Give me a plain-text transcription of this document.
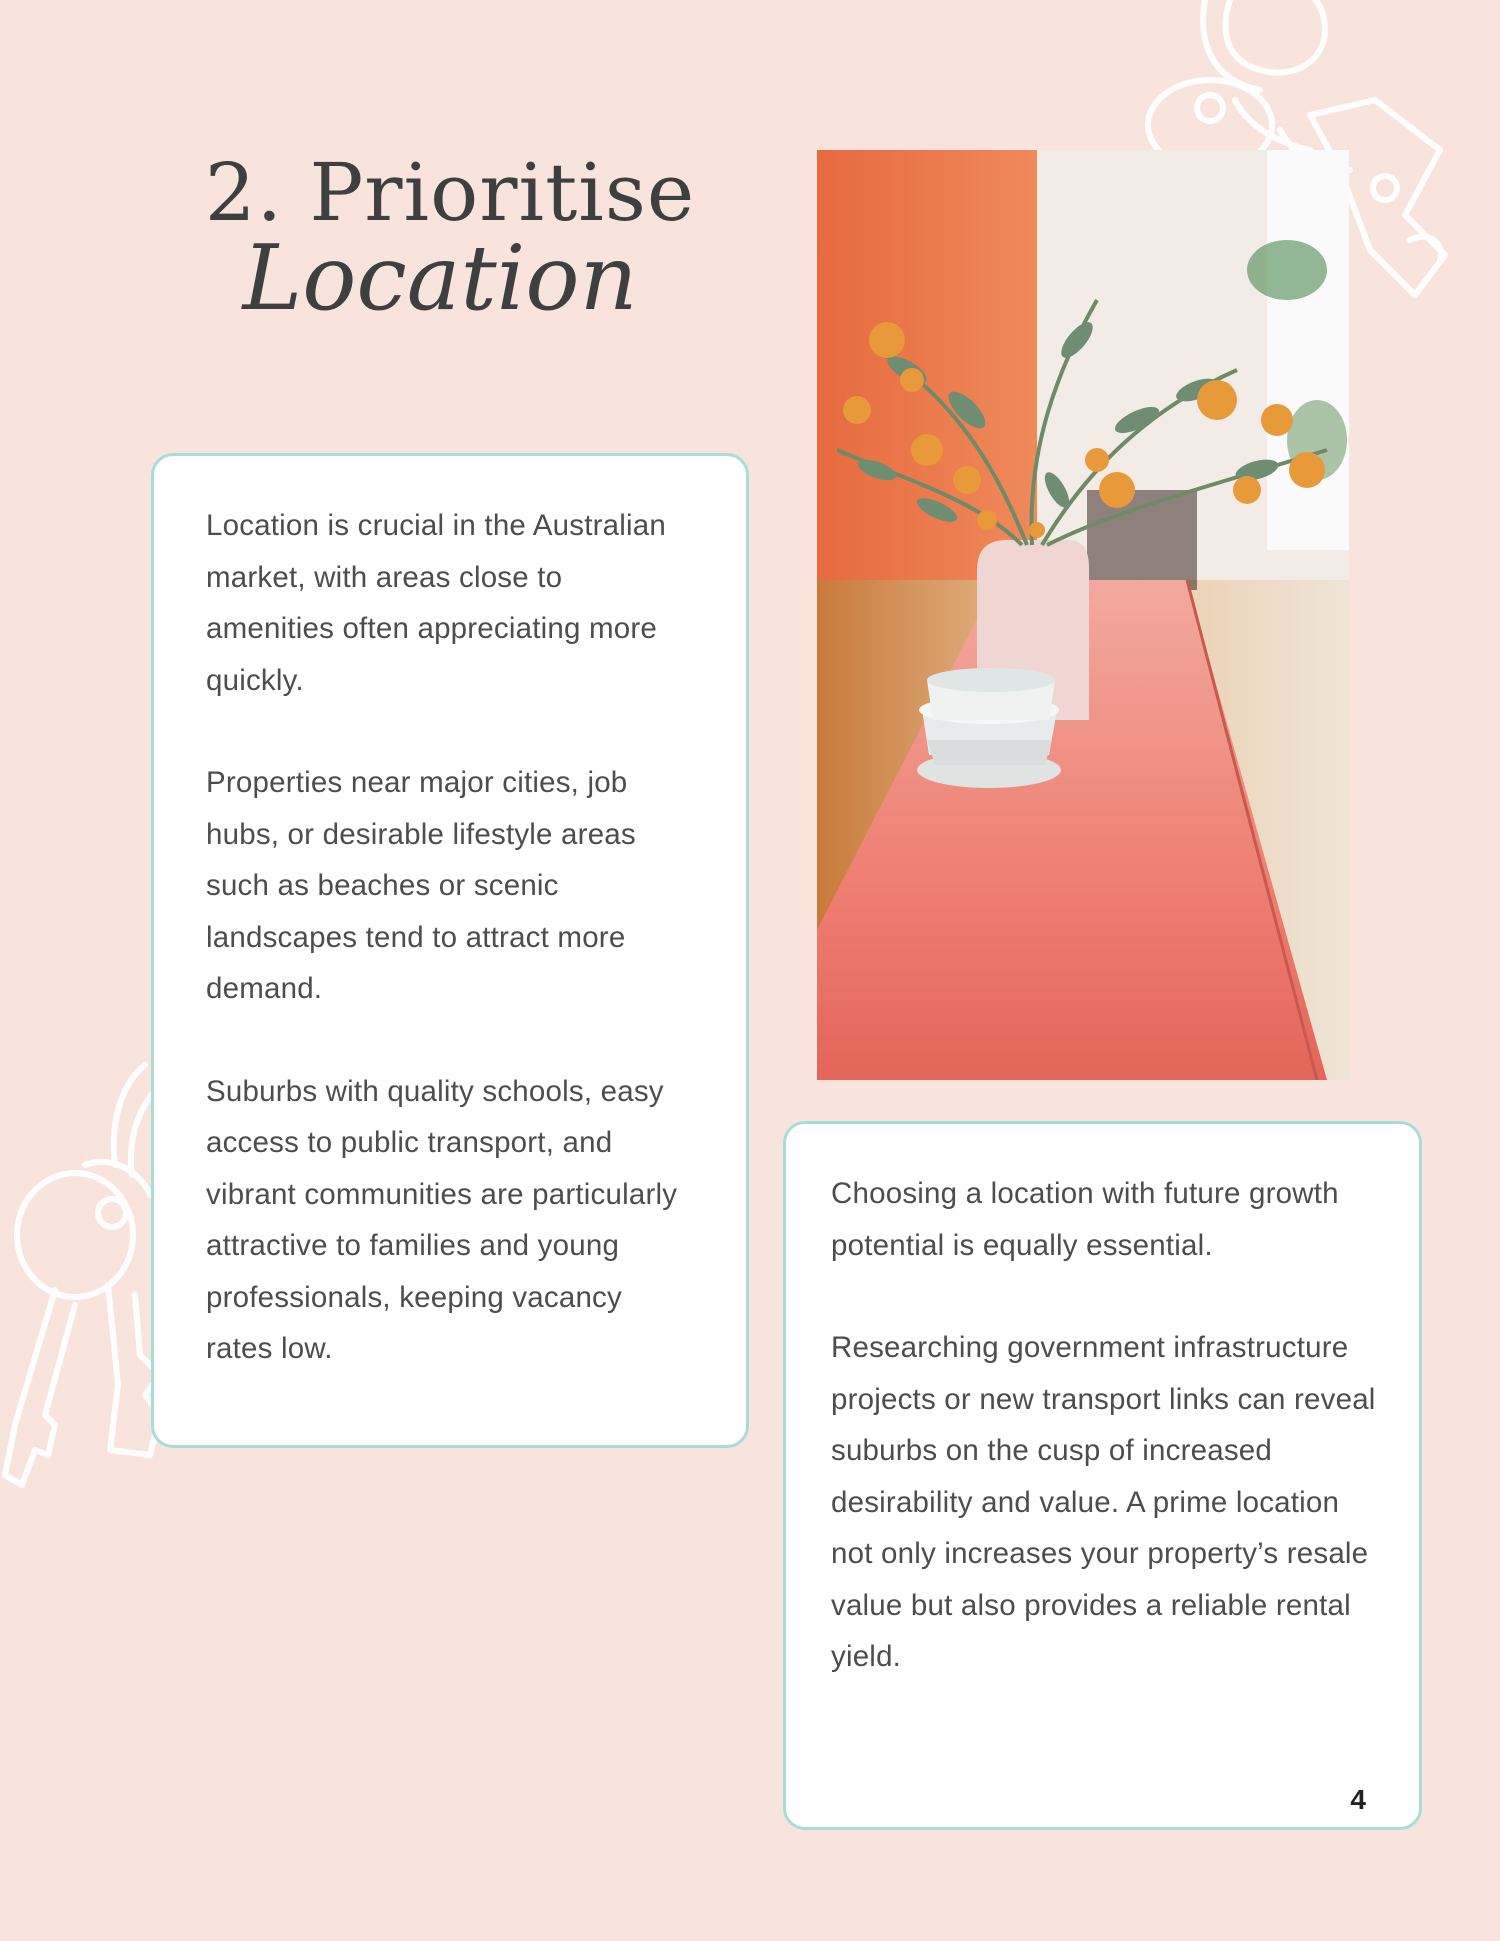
2. Prioritise
Location

Location is crucial in the Australian market, with areas close to amenities often appreciating more quickly.

Properties near major cities, job hubs, or desirable lifestyle areas such as beaches or scenic landscapes tend to attract more demand.

Suburbs with quality schools, easy access to public transport, and vibrant communities are particularly attractive to families and young professionals, keeping vacancy rates low.

Choosing a location with future growth potential is equally essential.

Researching government infrastructure projects or new transport links can reveal suburbs on the cusp of increased desirability and value. A prime location not only increases your property’s resale value but also provides a reliable rental yield.

4
